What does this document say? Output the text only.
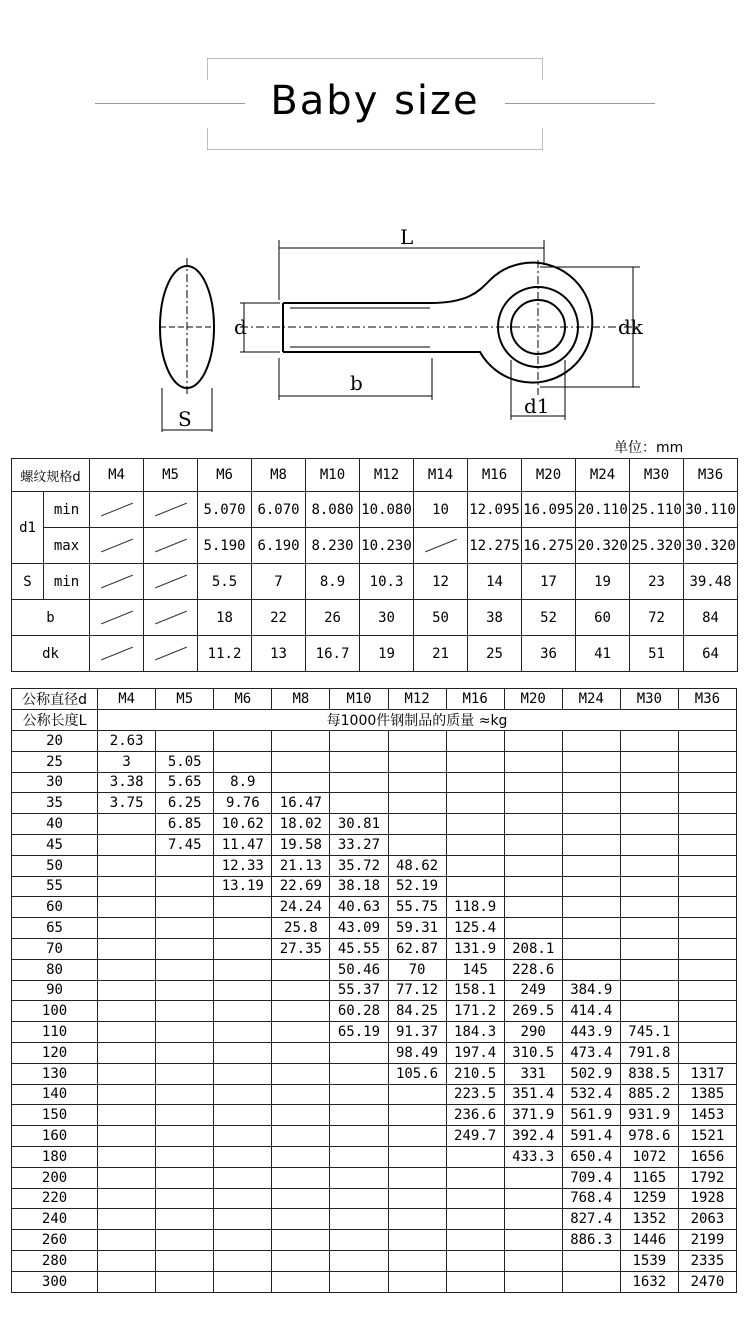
Baby size
L
d	dk
b
d1
S
单位：mm
螺纹规格d		M4	M5	M6	M8	M10	M12	M14	M16	M20	M24	M30	M36
d1	min			5.070	6.070	8.080	10.080	10	12.095	16.095	20.110	25.110	30.110
	max			5.190	6.190	8.230	10.230		12.275	16.275	20.320	25.320	30.320
S	min			5.5	7	8.9	10.3	12	14	17	19	23	39.48
b				18	22	26	30	50	38	52	60	72	84
dk				11.2	13	16.7	19	21	25	36	41	51	64
公称直径d	M4	M5	M6	M8	M10	M12	M16	M20	M24	M30	M36
公称长度L	每1000件钢制品的质量 ≈kg										
20	2.63										
25	3	5.05									
30	3.38	5.65	8.9								
35	3.75	6.25	9.76	16.47							
40		6.85	10.62	18.02	30.81						
45		7.45	11.47	19.58	33.27						
50			12.33	21.13	35.72	48.62					
55			13.19	22.69	38.18	52.19					
60				24.24	40.63	55.75	118.9				
65				25.8	43.09	59.31	125.4				
70				27.35	45.55	62.87	131.9	208.1			
80					50.46	70	145	228.6			
90					55.37	77.12	158.1	249	384.9		
100					60.28	84.25	171.2	269.5	414.4		
110					65.19	91.37	184.3	290	443.9	745.1	
120						98.49	197.4	310.5	473.4	791.8	
130						105.6	210.5	331	502.9	838.5	1317
140							223.5	351.4	532.4	885.2	1385
150							236.6	371.9	561.9	931.9	1453
160							249.7	392.4	591.4	978.6	1521
180								433.3	650.4	1072	1656
200									709.4	1165	1792
220									768.4	1259	1928
240									827.4	1352	2063
260									886.3	1446	2199
280										1539	2335
300										1632	2470
